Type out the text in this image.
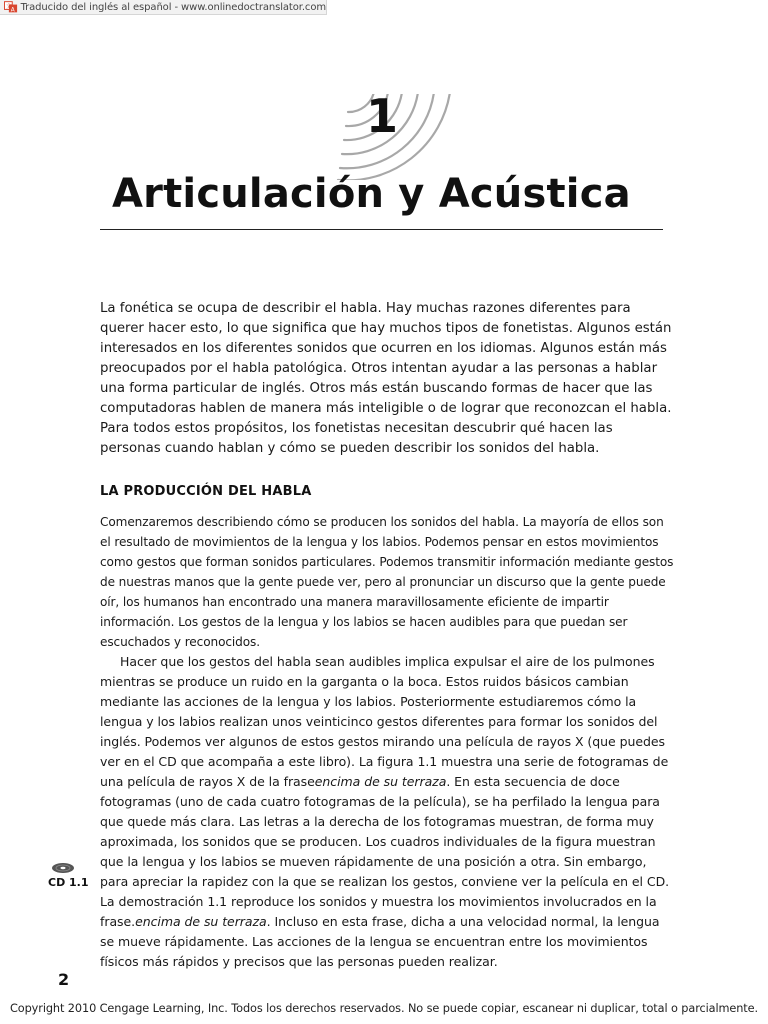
文
A Traducido del inglés al español - www.onlinedoctranslator.com
1
Articulación y Acústica

La fonética se ocupa de describir el habla. Hay muchas razones diferentes para querer hacer esto, lo que significa que hay muchos tipos de fonetistas. Algunos están interesados en los diferentes sonidos que ocurren en los idiomas. Algunos están más preocupados por el habla patológica. Otros intentan ayudar a las personas a hablar una forma particular de inglés. Otros más están buscando formas de hacer que las computadoras hablen de manera más inteligible o de lograr que reconozcan el habla. Para todos estos propósitos, los fonetistas necesitan descubrir qué hacen las personas cuando hablan y cómo se pueden describir los sonidos del habla.

LA PRODUCCIÓN DEL HABLA

Comenzaremos describiendo cómo se producen los sonidos del habla. La mayoría de ellos son el resultado de movimientos de la lengua y los labios. Podemos pensar en estos movimientos como gestos que forman sonidos particulares. Podemos transmitir información mediante gestos de nuestras manos que la gente puede ver, pero al pronunciar un discurso que la gente puede oír, los humanos han encontrado una manera maravillosamente eficiente de impartir información. Los gestos de la lengua y los labios se hacen audibles para que puedan ser escuchados y reconocidos.

Hacer que los gestos del habla sean audibles implica expulsar el aire de los pulmones mientras se produce un ruido en la garganta o la boca. Estos ruidos básicos cambian mediante las acciones de la lengua y los labios. Posteriormente estudiaremos cómo la lengua y los labios realizan unos veinticinco gestos diferentes para formar los sonidos del inglés. Podemos ver algunos de estos gestos mirando una película de rayos X (que puedes ver en el CD que acompaña a este libro). La figura 1.1 muestra una serie de fotogramas de una película de rayos X de la fraseencima de su terraza. En esta secuencia de doce fotogramas (uno de cada cuatro fotogramas de la película), se ha perfilado la lengua para que quede más clara. Las letras a la derecha de los fotogramas muestran, de forma muy aproximada, los sonidos que se producen. Los cuadros individuales de la figura muestran que la lengua y los labios se mueven rápidamente de una posición a otra. Sin embargo, para apreciar la rapidez con la que se realizan los gestos, conviene ver la película en el CD. La demostración 1.1 reproduce los sonidos y muestra los movimientos involucrados en la frase.encima de su terraza. Incluso en esta frase, dicha a una velocidad normal, la lengua se mueve rápidamente. Las acciones de la lengua se encuentran entre los movimientos físicos más rápidos y precisos que las personas pueden realizar.

CD 1.1
2
Copyright 2010 Cengage Learning, Inc. Todos los derechos reservados. No se puede copiar, escanear ni duplicar, total o parcialmente.
